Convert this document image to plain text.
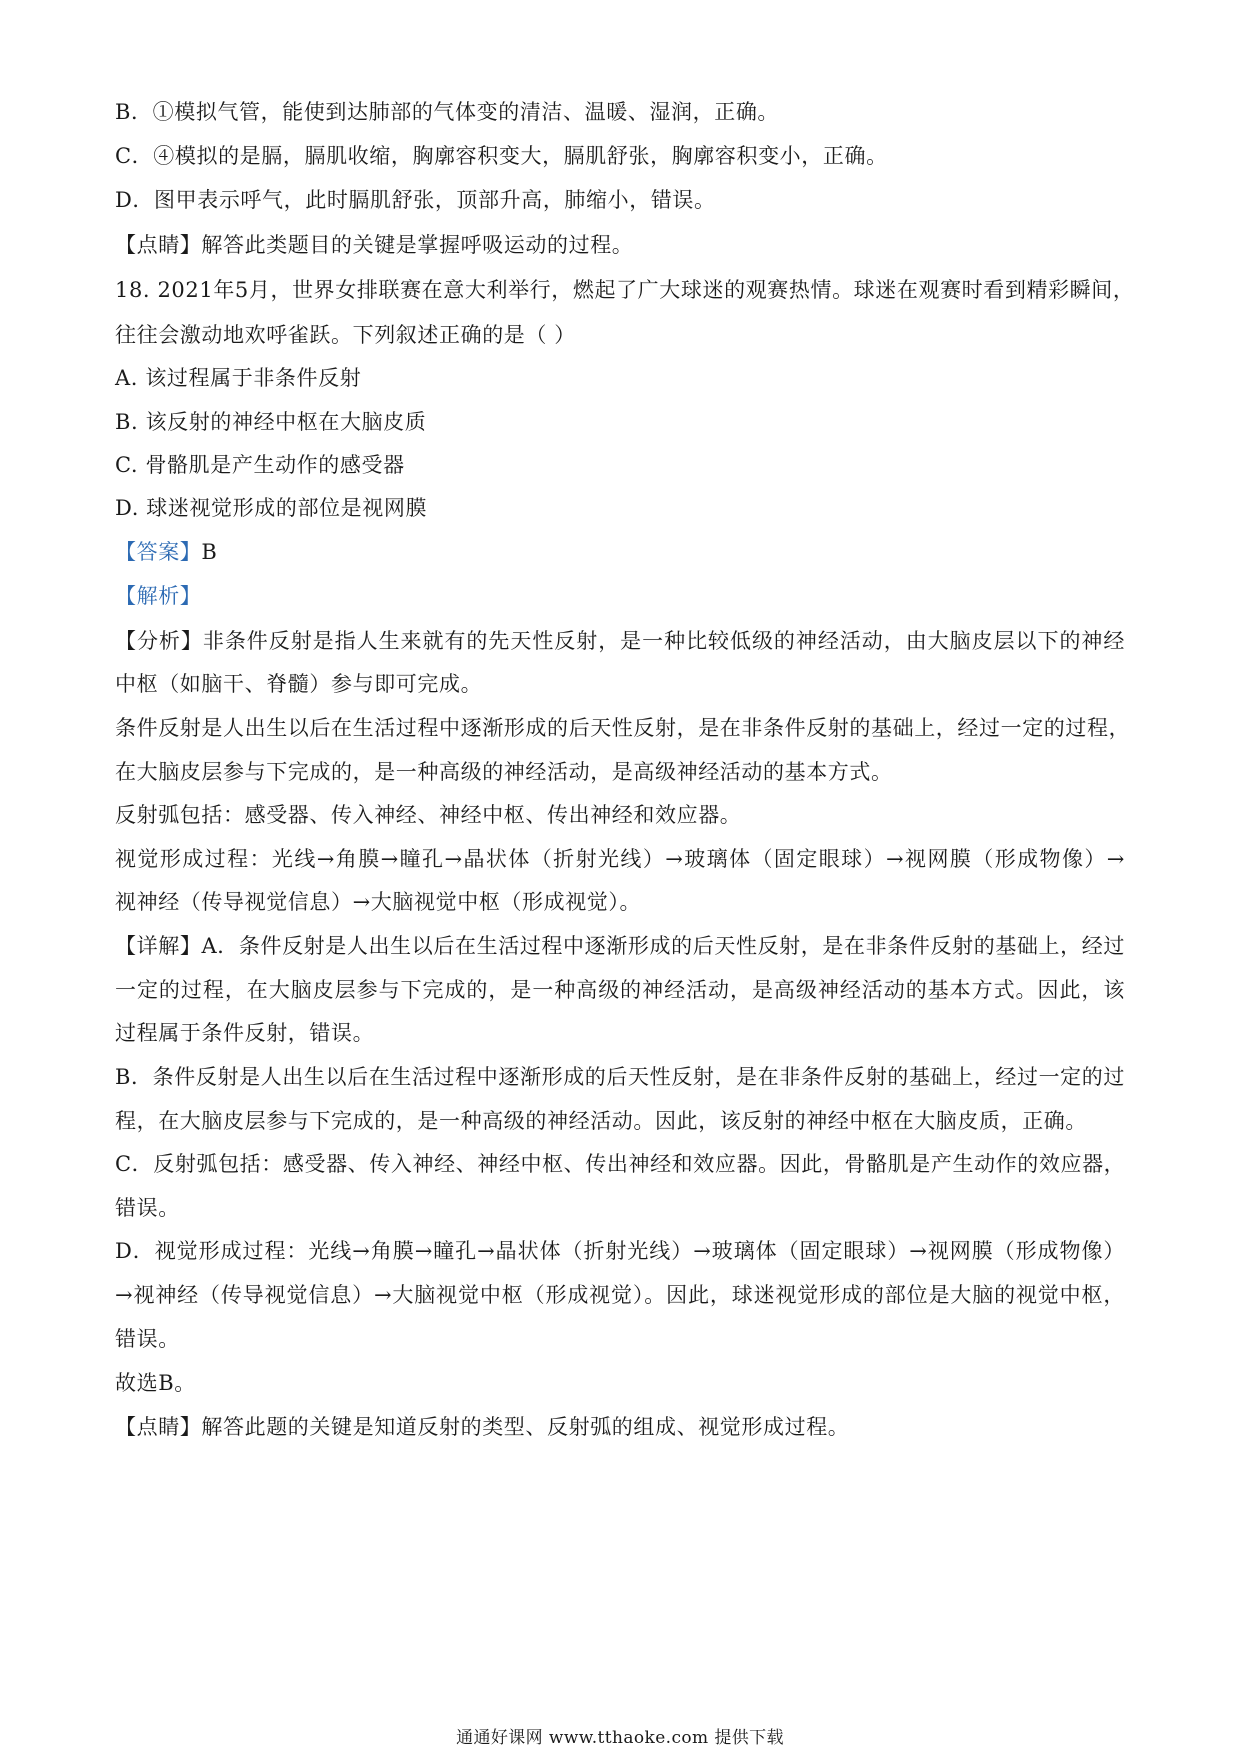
B．①模拟气管，能使到达肺部的气体变的清洁、温暖、湿润，正确。
C．④模拟的是膈，膈肌收缩，胸廓容积变大，膈肌舒张，胸廓容积变小，正确。
D．图甲表示呼气，此时膈肌舒张，顶部升高，肺缩小，错误。
【点睛】解答此类题目的关键是掌握呼吸运动的过程。
18. 2021年5月，世界女排联赛在意大利举行，燃起了广大球迷的观赛热情。球迷在观赛时看到精彩瞬间，
往往会激动地欢呼雀跃。下列叙述正确的是（ ）
A. 该过程属于非条件反射
B. 该反射的神经中枢在大脑皮质
C. 骨骼肌是产生动作的感受器
D. 球迷视觉形成的部位是视网膜
【答案】B
【解析】
【分析】非条件反射是指人生来就有的先天性反射，是一种比较低级的神经活动，由大脑皮层以下的神经
中枢（如脑干、脊髓）参与即可完成。
条件反射是人出生以后在生活过程中逐渐形成的后天性反射，是在非条件反射的基础上，经过一定的过程，
在大脑皮层参与下完成的，是一种高级的神经活动，是高级神经活动的基本方式。
反射弧包括：感受器、传入神经、神经中枢、传出神经和效应器。
视觉形成过程：光线→角膜→瞳孔→晶状体（折射光线）→玻璃体（固定眼球）→视网膜（形成物像）→
视神经（传导视觉信息）→大脑视觉中枢（形成视觉）。
【详解】A．条件反射是人出生以后在生活过程中逐渐形成的后天性反射，是在非条件反射的基础上，经过
一定的过程，在大脑皮层参与下完成的，是一种高级的神经活动，是高级神经活动的基本方式。因此，该
过程属于条件反射，错误。
B．条件反射是人出生以后在生活过程中逐渐形成的后天性反射，是在非条件反射的基础上，经过一定的过
程，在大脑皮层参与下完成的，是一种高级的神经活动。因此，该反射的神经中枢在大脑皮质，正确。
C．反射弧包括：感受器、传入神经、神经中枢、传出神经和效应器。因此，骨骼肌是产生动作的效应器，
错误。
D．视觉形成过程：光线→角膜→瞳孔→晶状体（折射光线）→玻璃体（固定眼球）→视网膜（形成物像）
→视神经（传导视觉信息）→大脑视觉中枢（形成视觉）。因此，球迷视觉形成的部位是大脑的视觉中枢，
错误。
故选B。
【点睛】解答此题的关键是知道反射的类型、反射弧的组成、视觉形成过程。
通通好课网 www.tthaoke.com 提供下载
